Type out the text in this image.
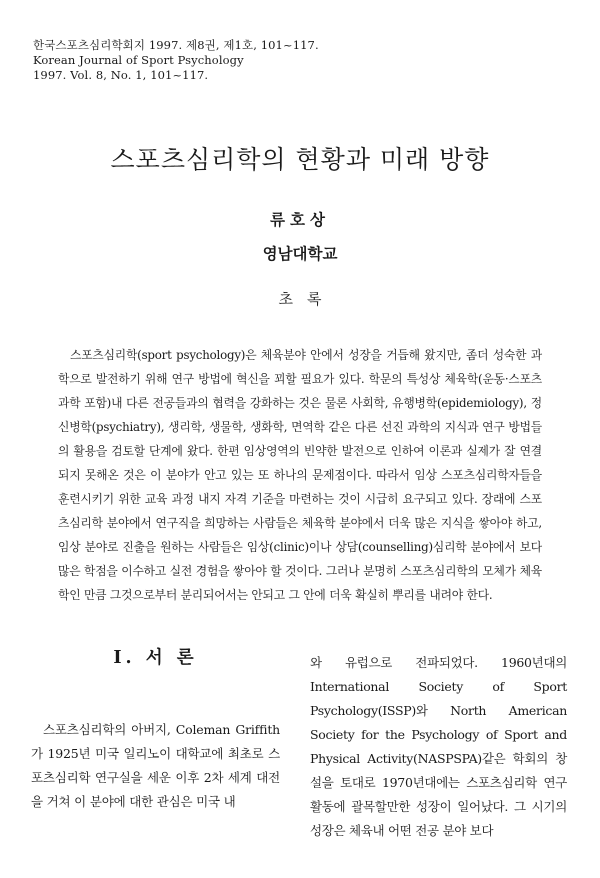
한국스포츠심리학회지 1997. 제8권, 제1호, 101~117.
Korean Journal of Sport Psychology
1997. Vol. 8, No. 1, 101~117.
스포츠심리학의 현황과 미래 방향
류호상
영남대학교
초록
스포츠심리학(sport psychology)은 체육분야 안에서 성장을 거듭해 왔지만, 좀더 성숙한 과학으로 발전하기 위해 연구 방법에 혁신을 꾀할 필요가 있다. 학문의 특성상 체육학(운동·스포츠과학 포함)내 다른 전공들과의 협력을 강화하는 것은 물론 사회학, 유행병학(epidemiology), 정신병학(psychiatry), 생리학, 생물학, 생화학, 면역학 같은 다른 선진 과학의 지식과 연구 방법들의 활용을 검토할 단계에 왔다. 한편 임상영역의 빈약한 발전으로 인하여 이론과 실제가 잘 연결되지 못해온 것은 이 분야가 안고 있는 또 하나의 문제점이다. 따라서 임상 스포츠심리학자들을 훈련시키기 위한 교육 과정 내지 자격 기준을 마련하는 것이 시급히 요구되고 있다. 장래에 스포츠심리학 분야에서 연구직을 희망하는 사람들은 체육학 분야에서 더욱 많은 지식을 쌓아야 하고, 임상 분야로 진출을 원하는 사람들은 임상(clinic)이나 상담(counselling)심리학 분야에서 보다 많은 학점을 이수하고 실전 경험을 쌓아야 할 것이다. 그러나 분명히 스포츠심리학의 모체가 체육학인 만큼 그것으로부터 분리되어서는 안되고 그 안에 더욱 확실히 뿌리를 내려야 한다.
I. 서 론
스포츠심리학의 아버지, Coleman Griffith가 1925년 미국 일리노이 대학교에 최초로 스포츠심리학 연구실을 세운 이후 2차 세계 대전을 거쳐 이 분야에 대한 관심은 미국 내
와 유럽으로 전파되었다. 1960년대의 International Society of Sport Psychology(ISSP)와 North American Society for the Psychology of Sport and Physical Activity(NASPSPA)같은 학회의 창설을 토대로 1970년대에는 스포츠심리학 연구 활동에 괄목할만한 성장이 일어났다. 그 시기의 성장은 체육내 어떤 전공 분야 보다
